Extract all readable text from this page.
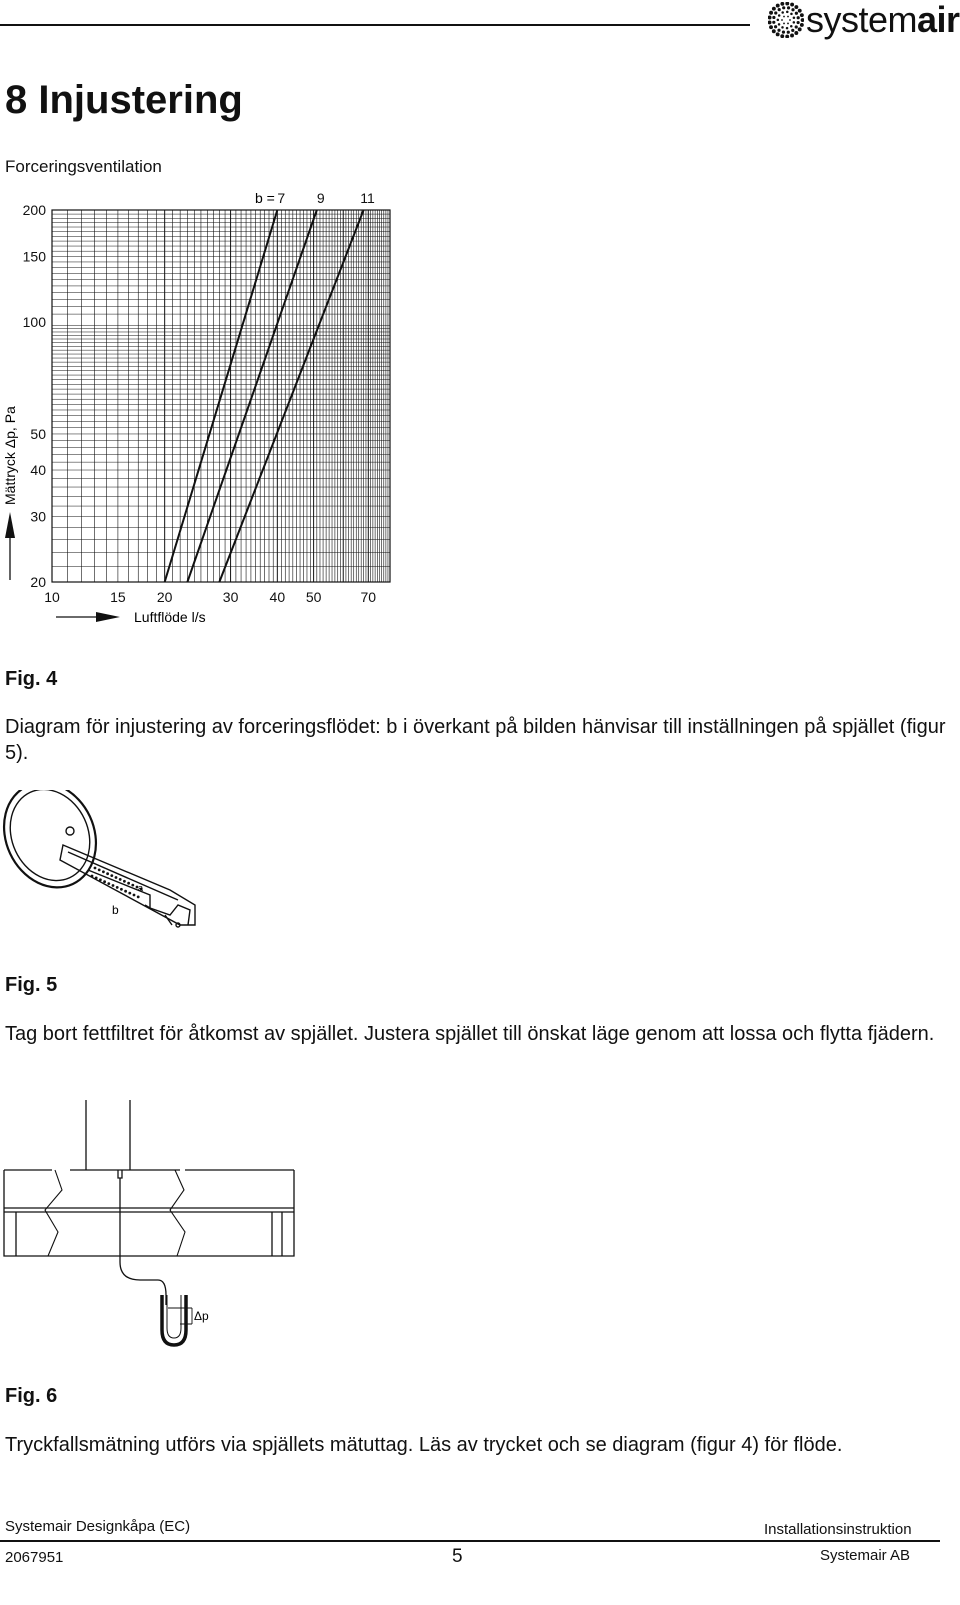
systemair
8 Injustering
Forceringsventilation
10	15 20	30 40 50	70
20
30
40
50
100
150
200
b = 7 9	11
Mättryck Δp, Pa
Luftflöde l/s
Fig. 4
Diagram för injustering av forceringsflödet: b i överkant på bilden hänvisar till inställningen på spjället (figur 5).
b
a
Fig. 5
Tag bort fettfiltret för åtkomst av spjället. Justera spjället till önskat läge genom att lossa och flytta fjädern.
Δp
Fig. 6
Tryckfallsmätning utförs via spjällets mätuttag. Läs av trycket och se diagram (figur 4) för flöde.
Systemair Designkåpa (EC)	Installationsinstruktion
2067951	5	Systemair AB
